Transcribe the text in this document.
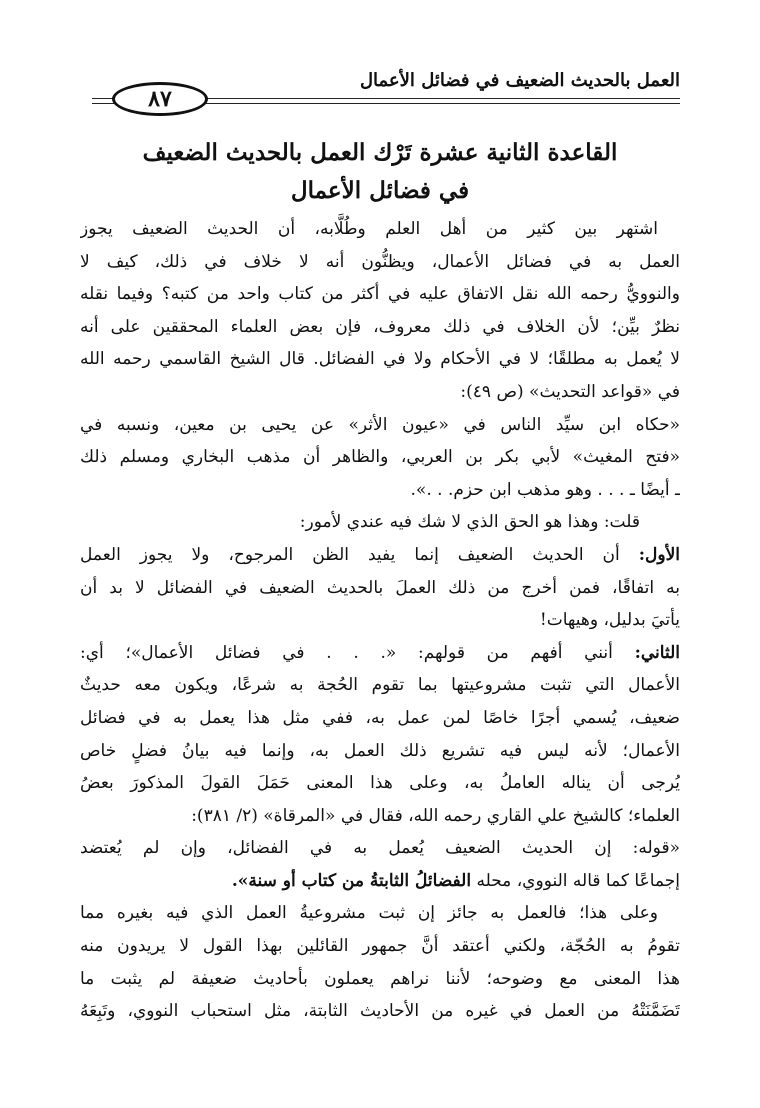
العمل بالحديث الضعيف في فضائل الأعمال
٨٧
القاعدة الثانية عشرة تَرْك العمل بالحديث الضعيف
في فضائل الأعمال
اشتهر بين كثير من أهل العلم وطُلَّابه، أن الحديث الضعيف يجوز
العمل به في فضائل الأعمال، ويظنُّون أنه لا خلاف في ذلك، كيف لا
والنوويُّ رحمه الله نقل الاتفاق عليه في أكثر من كتاب واحد من كتبه؟ وفيما نقله
نظرٌ بيِّن؛ لأن الخلاف في ذلك معروف، فإن بعض العلماء المحققين على أنه
لا يُعمل به مطلقًا؛ لا في الأحكام ولا في الفضائل. قال الشيخ القاسمي رحمه الله
في «قواعد التحديث» (ص ٤٩):
«حكاه ابن سيِّد الناس في «عيون الأثر» عن يحيى بن معين، ونسبه في
«فتح المغيث» لأبي بكر بن العربي، والظاهر أن مذهب البخاري ومسلم ذلك
ـ أيضًا ـ . . . وهو مذهب ابن حزم. . .».
قلت: وهذا هو الحق الذي لا شك فيه عندي لأمور:
الأول: أن الحديث الضعيف إنما يفيد الظن المرجوح، ولا يجوز العمل
به اتفاقًا، فمن أخرج من ذلك العملَ بالحديث الضعيف في الفضائل لا بد أن
يأتيَ بدليل، وهيهات!
الثاني: أنني أفهم من قولهم: «. . . في فضائل الأعمال»؛ أي:
الأعمال التي تثبت مشروعيتها بما تقوم الحُجة به شرعًا، ويكون معه حديثٌ
ضعيف، يُسمي أجرًا خاصًا لمن عمل به، ففي مثل هذا يعمل به في فضائل
الأعمال؛ لأنه ليس فيه تشريع ذلك العمل به، وإنما فيه بيانُ فضلٍ خاص
يُرجى أن يناله العاملُ به، وعلى هذا المعنى حَمَلَ القولَ المذكورَ بعضُ
العلماء؛ كالشيخ علي القاري رحمه الله، فقال في «المرقاة» (٢/ ٣٨١):
«قوله: إن الحديث الضعيف يُعمل به في الفضائل، وإن لم يُعتضد
إجماعًا كما قاله النووي، محله الفضائلُ الثابتةُ من كتاب أو سنة».
وعلى هذا؛ فالعمل به جائز إن ثبت مشروعيةُ العمل الذي فيه بغيره مما
تقومُ به الحُجّة، ولكني أعتقد أنَّ جمهور القائلين بهذا القول لا يريدون منه
هذا المعنى مع وضوحه؛ لأننا نراهم يعملون بأحاديث ضعيفة لم يثبت ما
تَضَمَّنَتْهُ من العمل في غيره من الأحاديث الثابتة، مثل استحباب النووي، وتَبِعَهُ
